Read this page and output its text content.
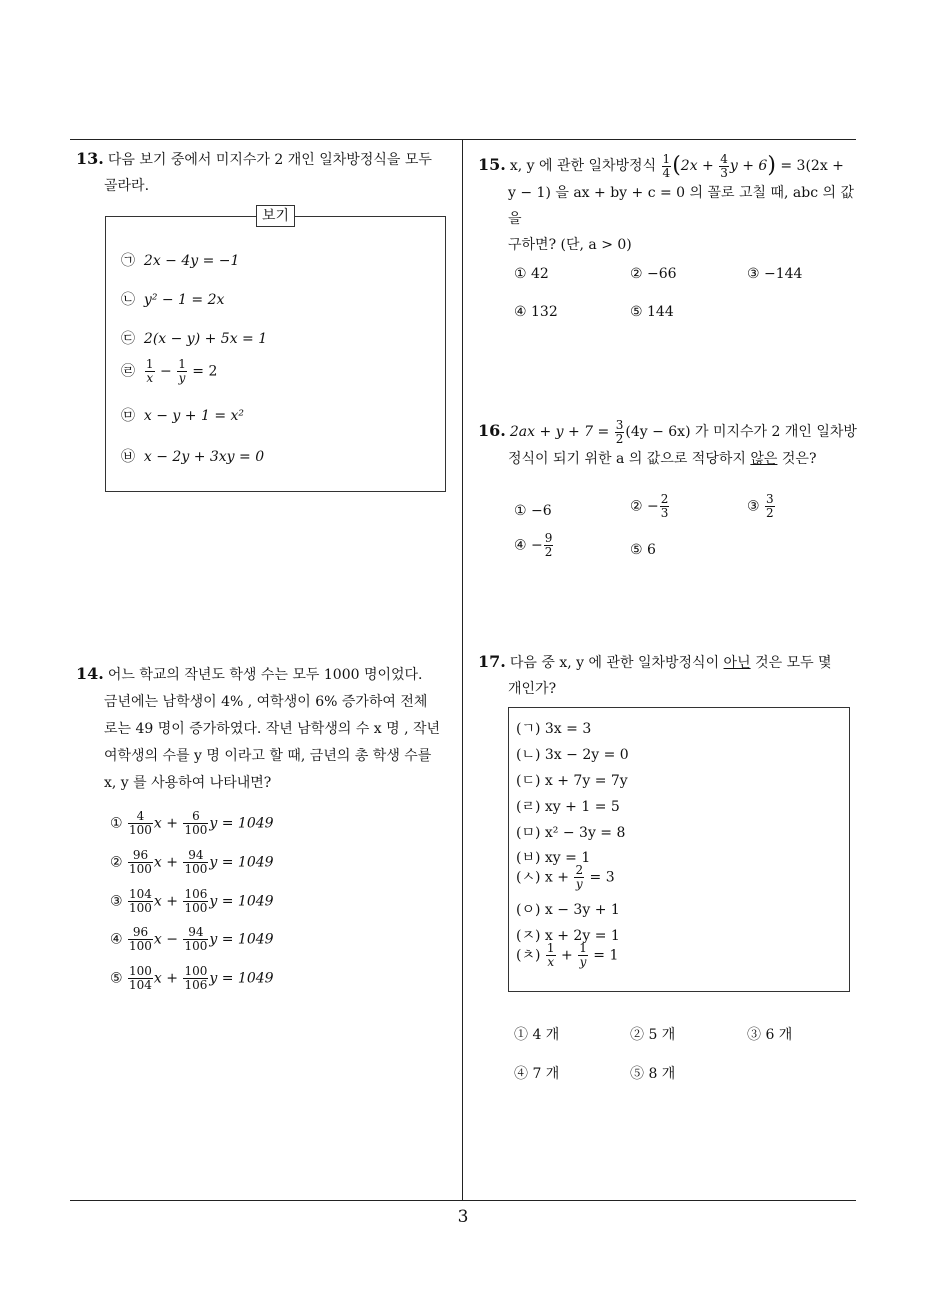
13. 다음 보기 중에서 미지수가 2 개인 일차방정식을 모두
골라라.
보기
㉠ 2x − 4y = −1
㉡ y² − 1 = 2x
㉢ 2(x − y) + 5x = 1
㉣ $\frac{1}{x} - \frac{1}{y} = 2$
㉤ x − y + 1 = x²
㉥ x − 2y + 3xy = 0
14. 어느 학교의 작년도 학생 수는 모두 1000 명이었다.
금년에는 남학생이 4% , 여학생이 6% 증가하여 전체
로는 49 명이 증가하였다. 작년 남학생의 수 x 명 , 작년
여학생의 수를 y 명 이라고 할 때, 금년의 총 학생 수를
x, y 를 사용하여 나타내면?
① $\frac{4}{100}$ $x + \frac{6}{100}$ y = 1049
② $\frac{96}{100}$ $x + \frac{94}{100}$ y = 1049
③ $\frac{104}{100}$ $x + \frac{106}{100}$ y = 1049
④ $\frac{96}{100}$ $x - \frac{94}{100}$ y = 1049
⑤ $\frac{100}{104}$ $x + \frac{100}{106}$ y = 1049
15. x, y 에 관한 일차방정식 $\frac{1}{4} (2x + \frac{4}{3}$ y + 6) = 3(2x +
y − 1) 을 ax + by + c = 0 의 꼴로 고칠 때, abc 의 값을
구하면? (단, a > 0)
① 42	② −66	③ −144
④ 132	⑤ 144
16. $2ax + y + 7 = \frac{3}{2} (4y - 6x)$ 가 미지수가 2 개인 일차방
정식이 되기 위한 a 의 값으로 적당하지 않은 것은?
① −6	② − $\frac{2}{3}$	③ $\frac{3}{2}$
④ − $\frac{9}{2}$	⑤ 6
17. 다음 중 x, y 에 관한 일차방정식이 아닌 것은 모두 몇
개인가?
(ㄱ) 3x = 3
(ㄴ) 3x − 2y = 0
(ㄷ) x + 7y = 7y
(ㄹ) xy + 1 = 5
(ㅁ) x² − 3y = 8
(ㅂ) xy = 1
(ㅅ) $x + \frac{2}{y} = 3$
(ㅇ) x − 3y + 1
(ㅈ) x + 2y = 1
(ㅊ) $\frac{1}{x} + \frac{1}{y} = 1$
① 4 개	② 5 개	③ 6 개
④ 7 개	⑤ 8 개
3
